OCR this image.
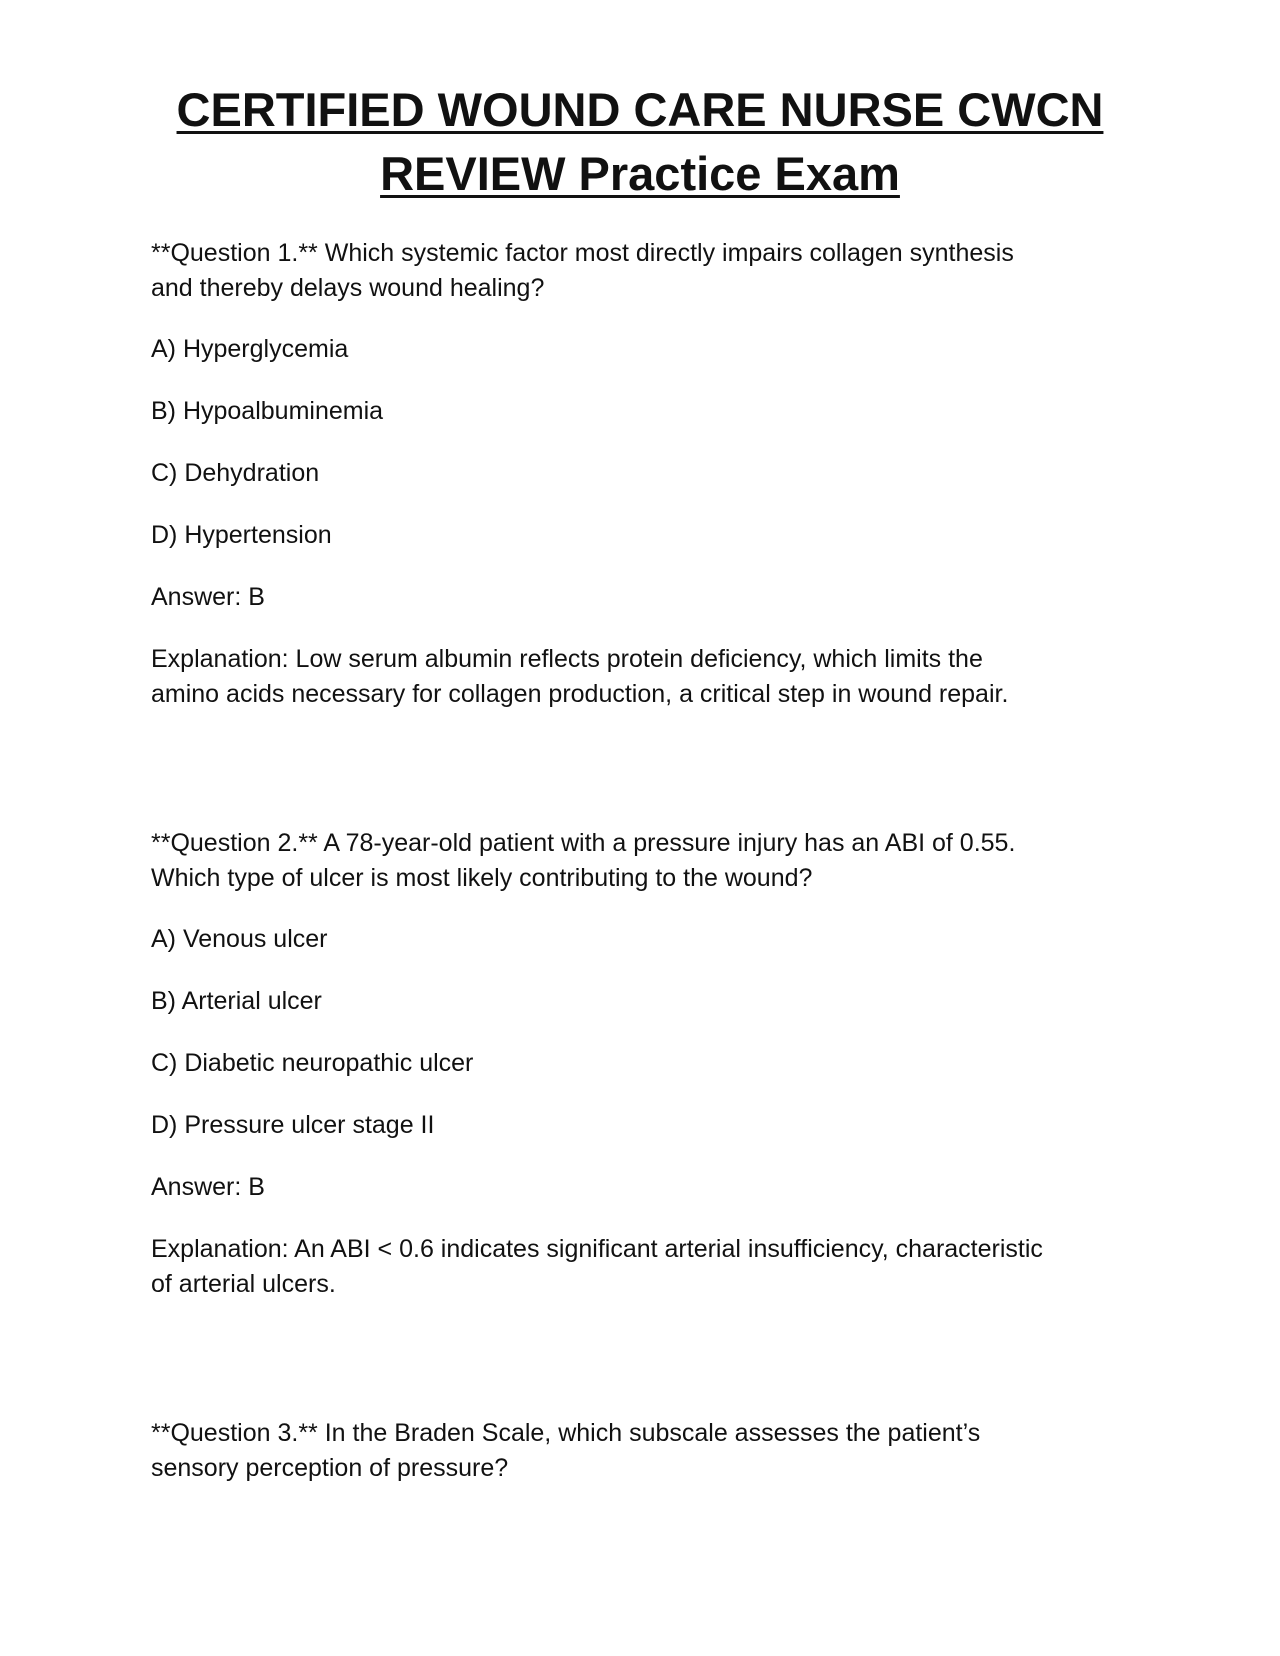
CERTIFIED WOUND CARE NURSE CWCN
REVIEW Practice Exam

**Question 1.** Which systemic factor most directly impairs collagen synthesis
and thereby delays wound healing?

A) Hyperglycemia

B) Hypoalbuminemia

C) Dehydration

D) Hypertension

Answer: B

Explanation: Low serum albumin reflects protein deficiency, which limits the
amino acids necessary for collagen production, a critical step in wound repair.

**Question 2.** A 78-year-old patient with a pressure injury has an ABI of 0.55.
Which type of ulcer is most likely contributing to the wound?

A) Venous ulcer

B) Arterial ulcer

C) Diabetic neuropathic ulcer

D) Pressure ulcer stage II

Answer: B

Explanation: An ABI < 0.6 indicates significant arterial insufficiency, characteristic
of arterial ulcers.

**Question 3.** In the Braden Scale, which subscale assesses the patient’s
sensory perception of pressure?
